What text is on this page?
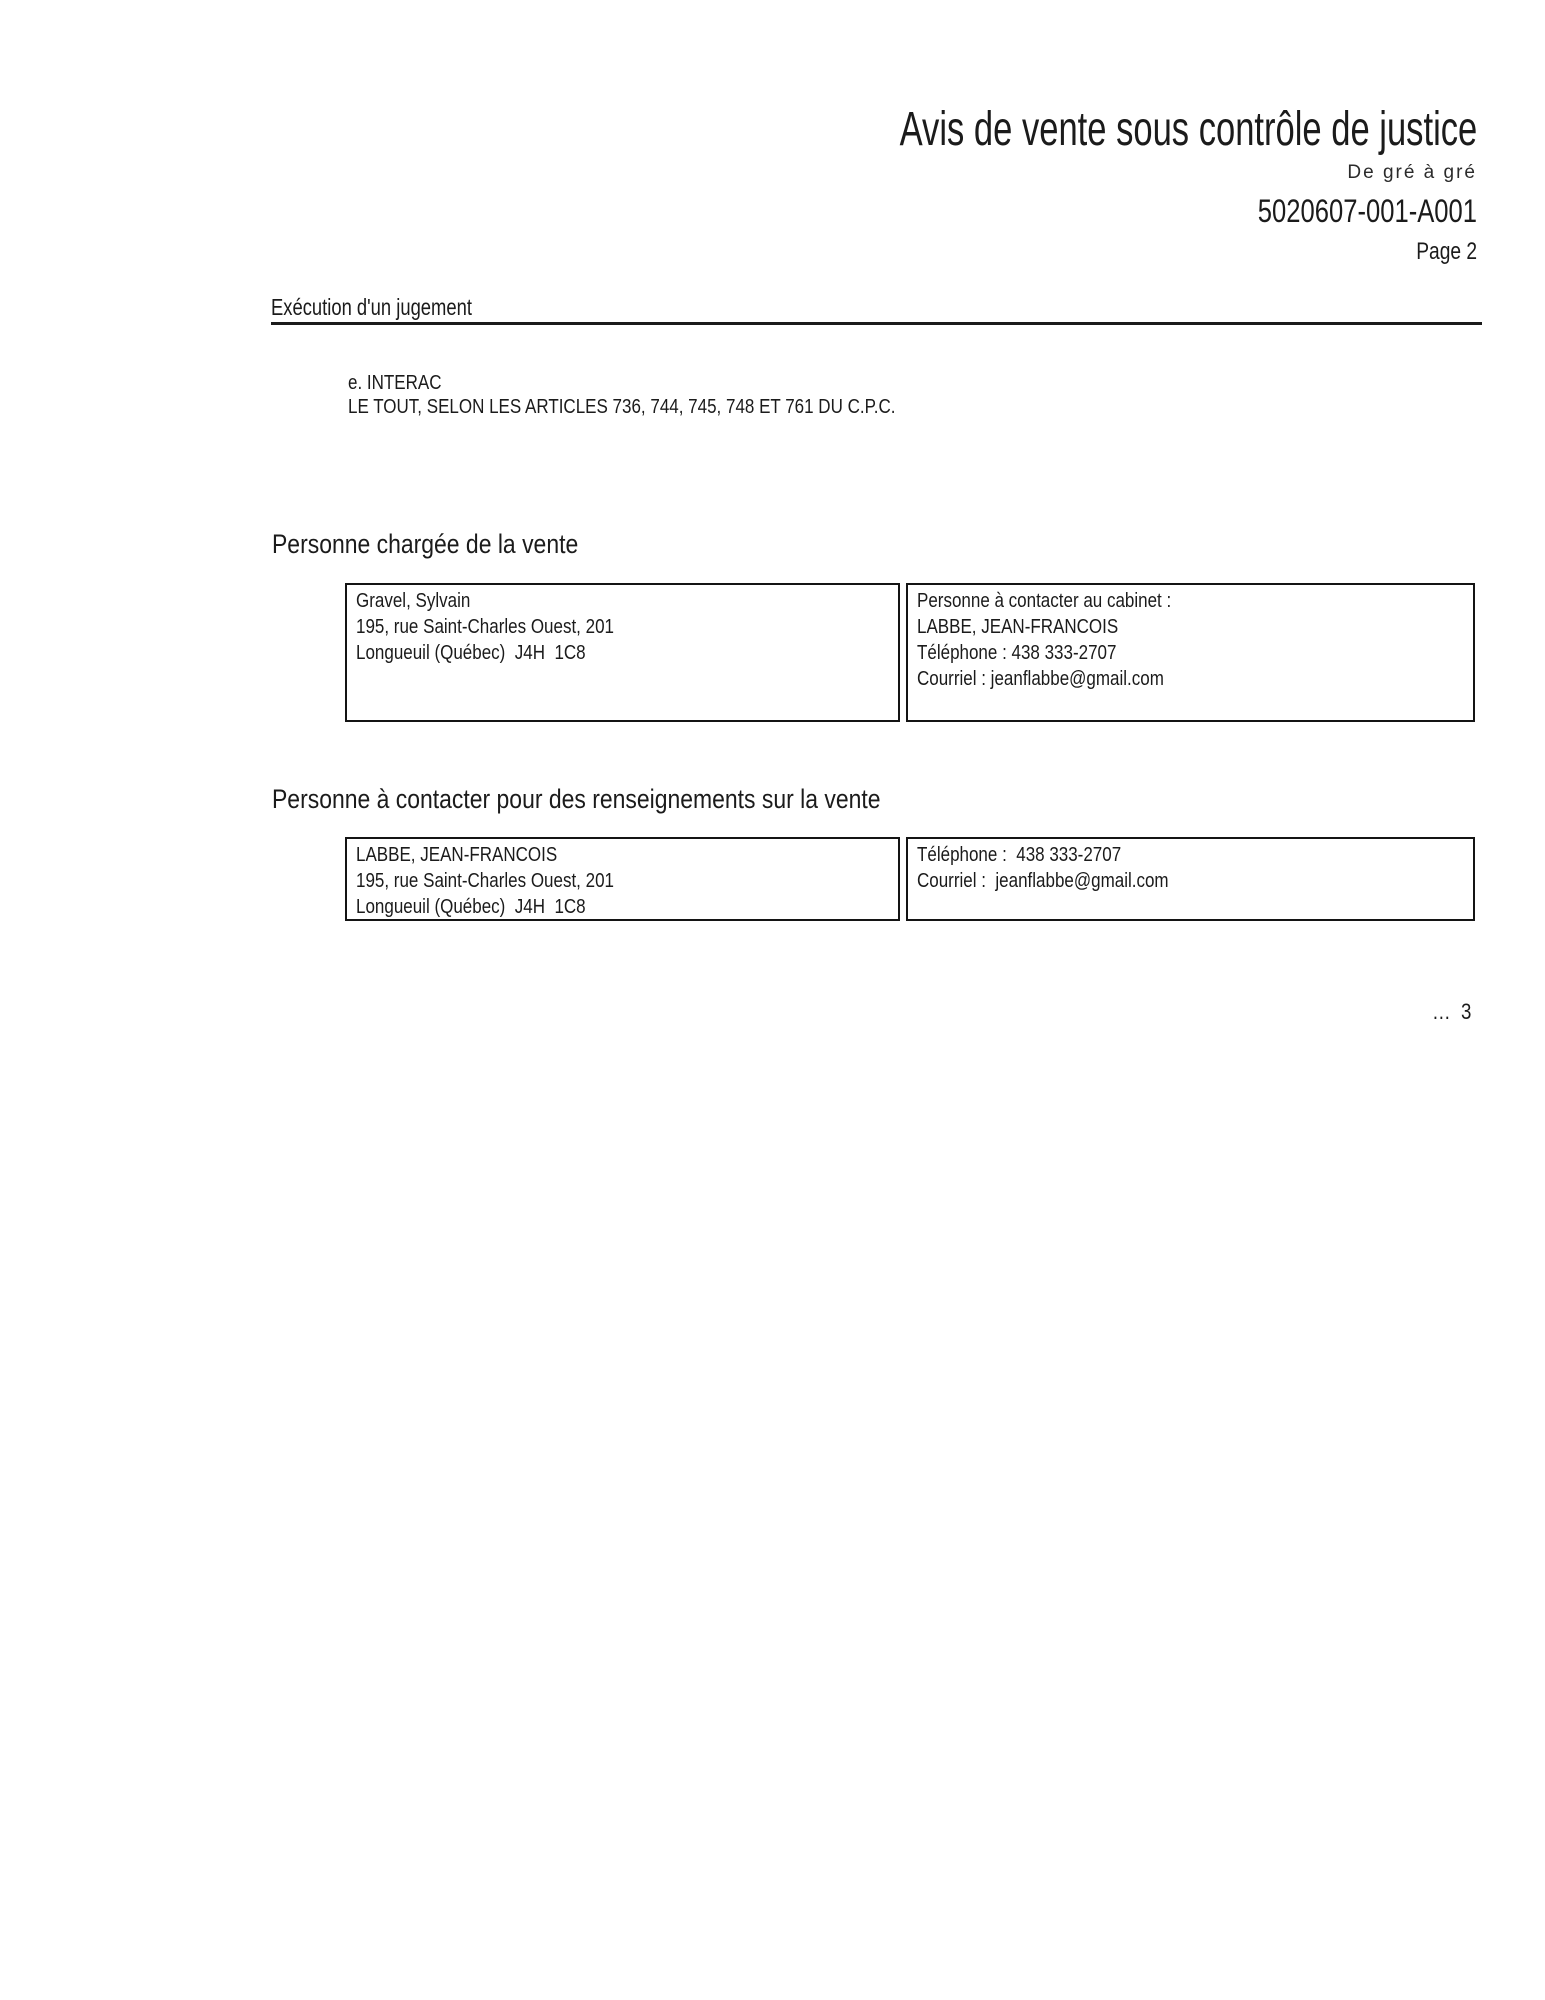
Avis de vente sous contrôle de justice
De gré à gré
5020607-001-A001
Page 2
Exécution d'un jugement
e. INTERAC
LE TOUT, SELON LES ARTICLES 736, 744, 745, 748 ET 761 DU C.P.C.
Personne chargée de la vente
Gravel, Sylvain
195, rue Saint-Charles Ouest, 201
Longueuil (Québec)  J4H  1C8
Personne à contacter au cabinet :
LABBE, JEAN-FRANCOIS
Téléphone : 438 333-2707
Courriel : jeanflabbe@gmail.com
Personne à contacter pour des renseignements sur la vente
LABBE, JEAN-FRANCOIS
195, rue Saint-Charles Ouest, 201
Longueuil (Québec)  J4H  1C8
Téléphone :  438 333-2707
Courriel :  jeanflabbe@gmail.com
…  3
